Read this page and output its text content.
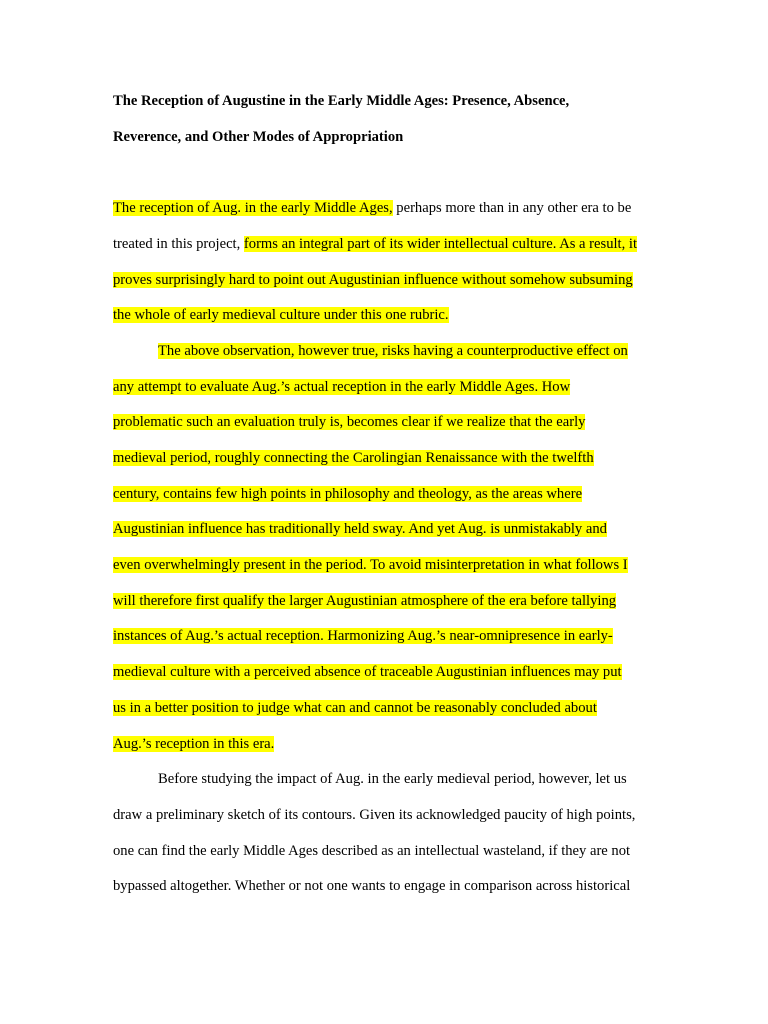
The Reception of Augustine in the Early Middle Ages: Presence, Absence,
Reverence, and Other Modes of Appropriation
The reception of Aug. in the early Middle Ages, perhaps more than in any other era to be
treated in this project, forms an integral part of its wider intellectual culture. As a result, it
proves surprisingly hard to point out Augustinian influence without somehow subsuming
the whole of early medieval culture under this one rubric.
The above observation, however true, risks having a counterproductive effect on
any attempt to evaluate Aug.’s actual reception in the early Middle Ages. How
problematic such an evaluation truly is, becomes clear if we realize that the early
medieval period, roughly connecting the Carolingian Renaissance with the twelfth
century, contains few high points in philosophy and theology, as the areas where
Augustinian influence has traditionally held sway. And yet Aug. is unmistakably and
even overwhelmingly present in the period. To avoid misinterpretation in what follows I
will therefore first qualify the larger Augustinian atmosphere of the era before tallying
instances of Aug.’s actual reception. Harmonizing Aug.’s near-omnipresence in early-
medieval culture with a perceived absence of traceable Augustinian influences may put
us in a better position to judge what can and cannot be reasonably concluded about
Aug.’s reception in this era.
Before studying the impact of Aug. in the early medieval period, however, let us
draw a preliminary sketch of its contours. Given its acknowledged paucity of high points,
one can find the early Middle Ages described as an intellectual wasteland, if they are not
bypassed altogether. Whether or not one wants to engage in comparison across historical
